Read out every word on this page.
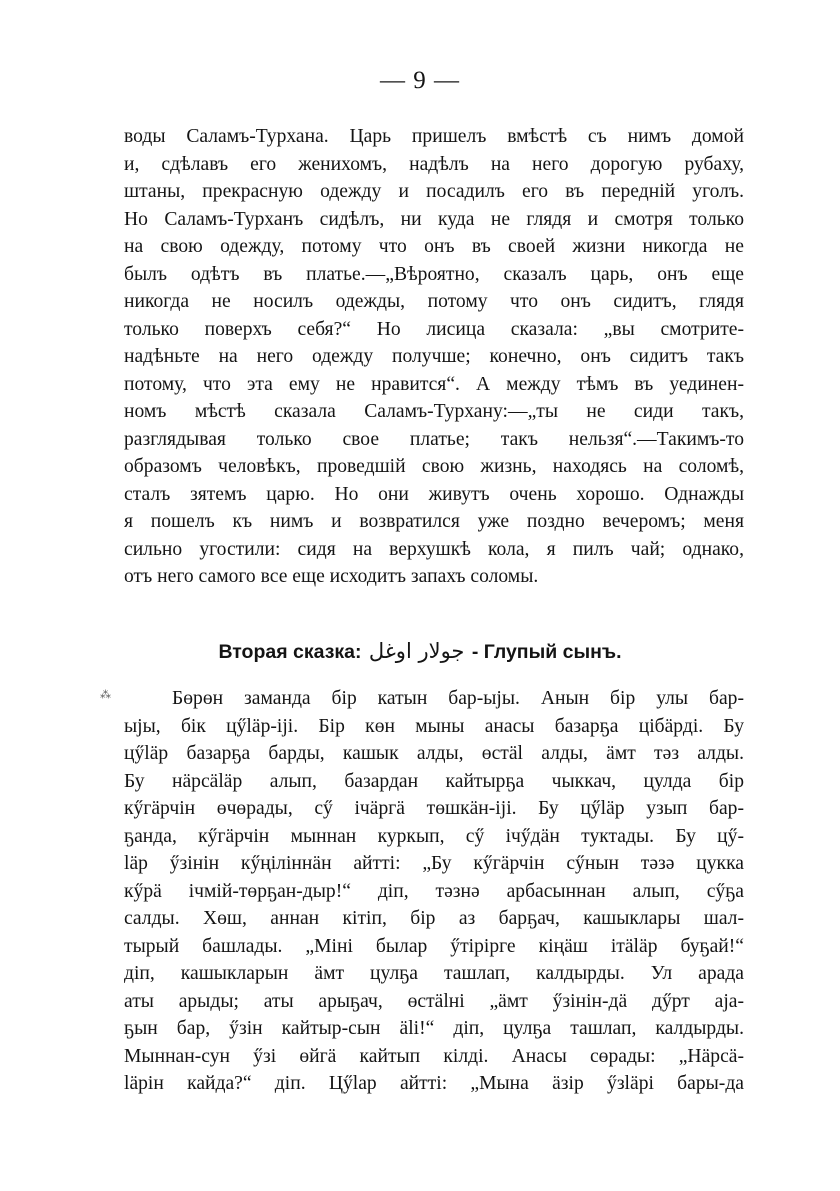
— 9 —
воды Саламъ-Турхана. Царь пришелъ вмѣстѣ съ нимъ домой
и, сдѣлавъ его женихомъ, надѣлъ на него дорогую рубаху,
штаны, прекрасную одежду и посадилъ его въ переднiй уголъ.
Но Саламъ-Турханъ сидѣлъ, ни куда не глядя и смотря только
на свою одежду, потому что онъ въ своей жизни никогда не
былъ одѣтъ въ платье.—„Вѣроятно, сказалъ царь, онъ еще
никогда не носилъ одежды, потому что онъ сидитъ, глядя
только поверхъ себя?“ Но лисица сказала: „вы смотрите-
надѣньте на него одежду получше; конечно, онъ сидитъ такъ
потому, что эта ему не нравится“. А между тѣмъ въ уединен-
номъ мѣстѣ сказала Саламъ-Турхану:—„ты не сиди такъ,
разглядывая только свое платье; такъ нельзя“.—Такимъ-то
образомъ человѣкъ, проведшiй свою жизнь, находясь на соломѣ,
сталъ зятемъ царю. Но они живутъ очень хорошо. Однажды
я пошелъ къ нимъ и возвратился уже поздно вечеромъ; меня
сильно угостили: сидя на верхушкѣ кола, я пилъ чай; однако,
отъ него самого все еще исходитъ запахъ соломы.
Вторая сказка: جولار اوغل - Глупый сынъ.
⁂	Бөрөн заманда бір катын бар-ыjы. Анын бір улы бар-
ыjы, бік цӳlӓр-ijі. Бір көн мыны анасы базарҕа цібӓрді. Бу
цӳlӓр базарҕа барды, кашык алды, өстӓl алды, ӓмт тәз алды.
Бу нӓрсӓlӓр алып, базардан кайтырҕа чыккач, цулда бір
кӳгӓрчін өчөрады, сӳ ічӓргӓ төшкӓн-ijі. Бу цӳlӓр узып бар-
ҕанда, кӳгӓрчін мыннан куркып, сӳ ічӳдӓн туктады. Бу цӳ-
lӓр ӳзінін кӳңіліннӓн айтті: „Бу кӳгӓрчін сӳнын тәзә цукка
кӳрӓ ічмій-төрҕан-дыр!“ діп, тәзнә арбасыннан алып, сӳҕа
салды. Хөш, аннан кітіп, бір аз барҕач, кашыклары шал-
тырый башлады. „Міні былар ӳтірірге кіңӓш ітӓlӓр буҕай!“
діп, кашыкларын ӓмт цулҕа ташлап, калдырды. Ул арада
аты арыды; аты арыҕач, өстӓlні „ӓмт ӳзінін-дӓ дӳрт аjа-
ҕын бар, ӳзін кайтыр-сын ӓlі!“ діп, цулҕа ташлап, калдырды.
Мыннан-сун ӳзі өйгӓ кайтып кілді. Анасы сөрады: „Нӓрсӓ-
lӓрін кайда?“ діп. Цӳlар айтті: „Мына ӓзір ӳзlӓрі бары-да
